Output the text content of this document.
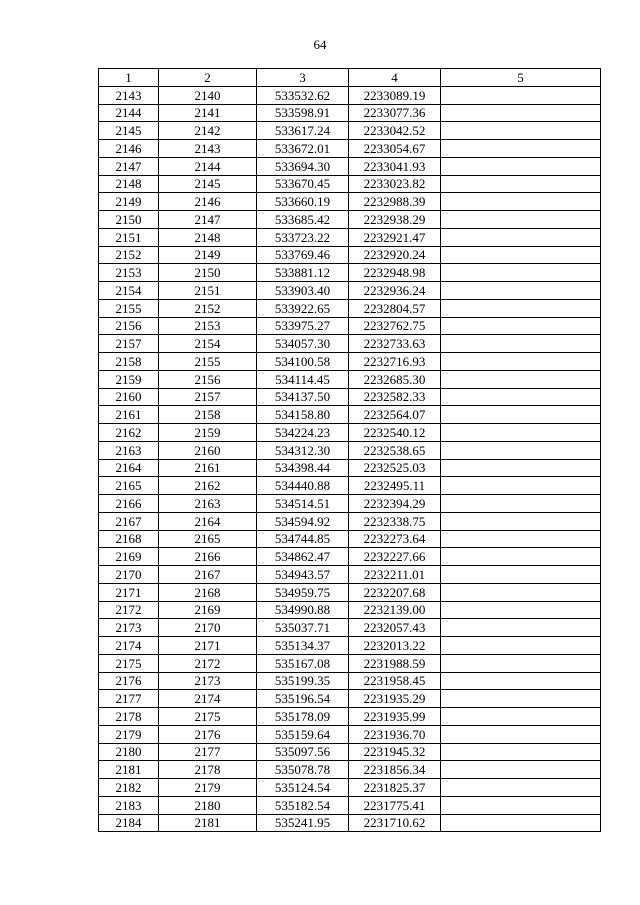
64
1	2	3	4	5
2143	2140	533532.62	2233089.19	
2144	2141	533598.91	2233077.36	
2145	2142	533617.24	2233042.52	
2146	2143	533672.01	2233054.67	
2147	2144	533694.30	2233041.93	
2148	2145	533670.45	2233023.82	
2149	2146	533660.19	2232988.39	
2150	2147	533685.42	2232938.29	
2151	2148	533723.22	2232921.47	
2152	2149	533769.46	2232920.24	
2153	2150	533881.12	2232948.98	
2154	2151	533903.40	2232936.24	
2155	2152	533922.65	2232804.57	
2156	2153	533975.27	2232762.75	
2157	2154	534057.30	2232733.63	
2158	2155	534100.58	2232716.93	
2159	2156	534114.45	2232685.30	
2160	2157	534137.50	2232582.33	
2161	2158	534158.80	2232564.07	
2162	2159	534224.23	2232540.12	
2163	2160	534312.30	2232538.65	
2164	2161	534398.44	2232525.03	
2165	2162	534440.88	2232495.11	
2166	2163	534514.51	2232394.29	
2167	2164	534594.92	2232338.75	
2168	2165	534744.85	2232273.64	
2169	2166	534862.47	2232227.66	
2170	2167	534943.57	2232211.01	
2171	2168	534959.75	2232207.68	
2172	2169	534990.88	2232139.00	
2173	2170	535037.71	2232057.43	
2174	2171	535134.37	2232013.22	
2175	2172	535167.08	2231988.59	
2176	2173	535199.35	2231958.45	
2177	2174	535196.54	2231935.29	
2178	2175	535178.09	2231935.99	
2179	2176	535159.64	2231936.70	
2180	2177	535097.56	2231945.32	
2181	2178	535078.78	2231856.34	
2182	2179	535124.54	2231825.37	
2183	2180	535182.54	2231775.41	
2184	2181	535241.95	2231710.62	
